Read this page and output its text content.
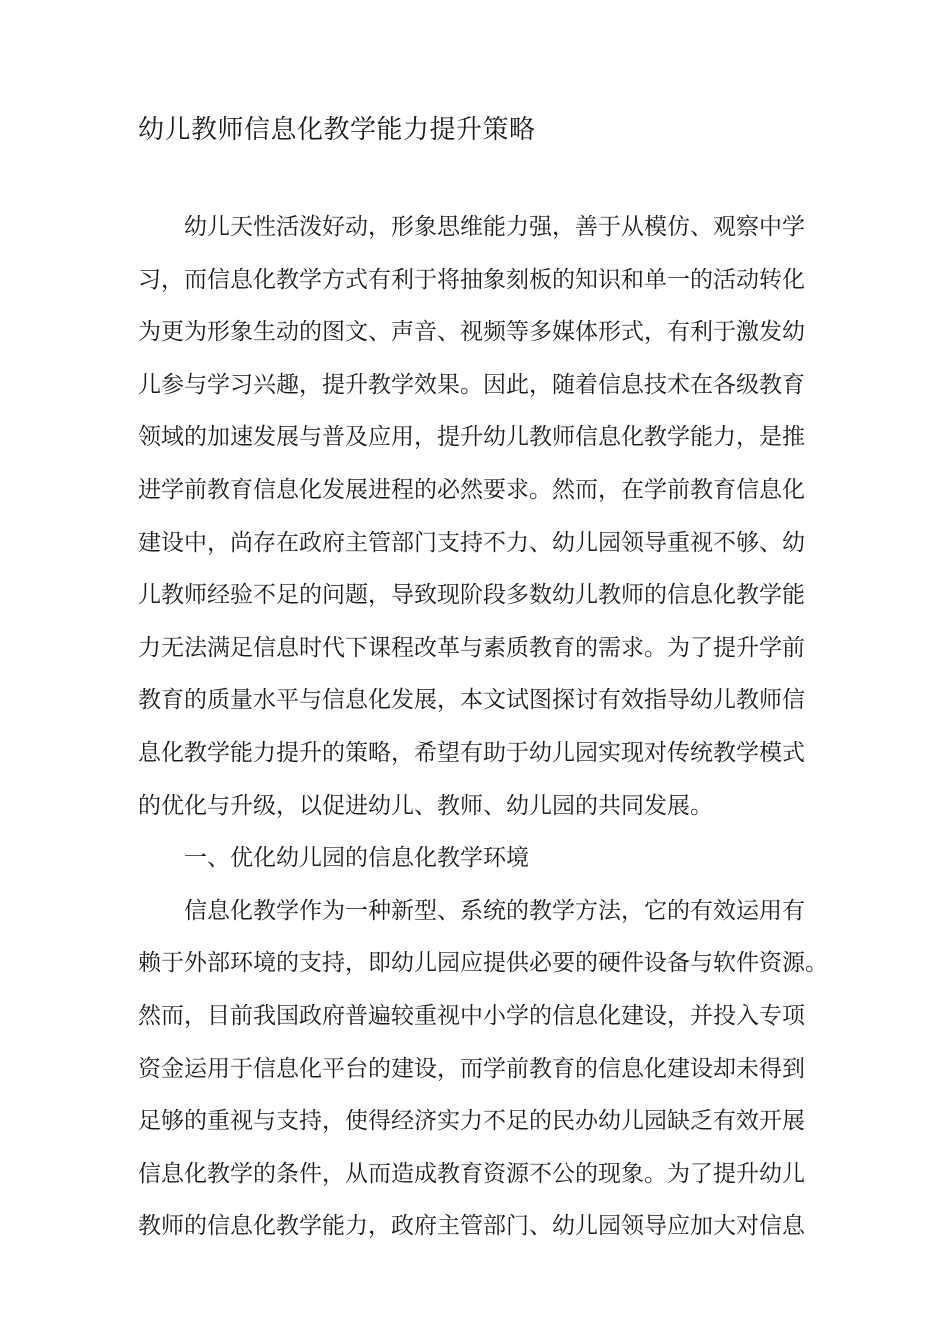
幼儿教师信息化教学能力提升策略

　　幼儿天性活泼好动，形象思维能力强，善于从模仿、观察中学

习，而信息化教学方式有利于将抽象刻板的知识和单一的活动转化

为更为形象生动的图文、声音、视频等多媒体形式，有利于激发幼

儿参与学习兴趣，提升教学效果。因此，随着信息技术在各级教育

领域的加速发展与普及应用，提升幼儿教师信息化教学能力，是推

进学前教育信息化发展进程的必然要求。然而，在学前教育信息化

建设中，尚存在政府主管部门支持不力、幼儿园领导重视不够、幼

儿教师经验不足的问题，导致现阶段多数幼儿教师的信息化教学能

力无法满足信息时代下课程改革与素质教育的需求。为了提升学前

教育的质量水平与信息化发展，本文试图探讨有效指导幼儿教师信

息化教学能力提升的策略，希望有助于幼儿园实现对传统教学模式

的优化与升级，以促进幼儿、教师、幼儿园的共同发展。

　　一、优化幼儿园的信息化教学环境

　　信息化教学作为一种新型、系统的教学方法，它的有效运用有

赖于外部环境的支持，即幼儿园应提供必要的硬件设备与软件资源。

然而，目前我国政府普遍较重视中小学的信息化建设，并投入专项

资金运用于信息化平台的建设，而学前教育的信息化建设却未得到

足够的重视与支持，使得经济实力不足的民办幼儿园缺乏有效开展

信息化教学的条件，从而造成教育资源不公的现象。为了提升幼儿

教师的信息化教学能力，政府主管部门、幼儿园领导应加大对信息
